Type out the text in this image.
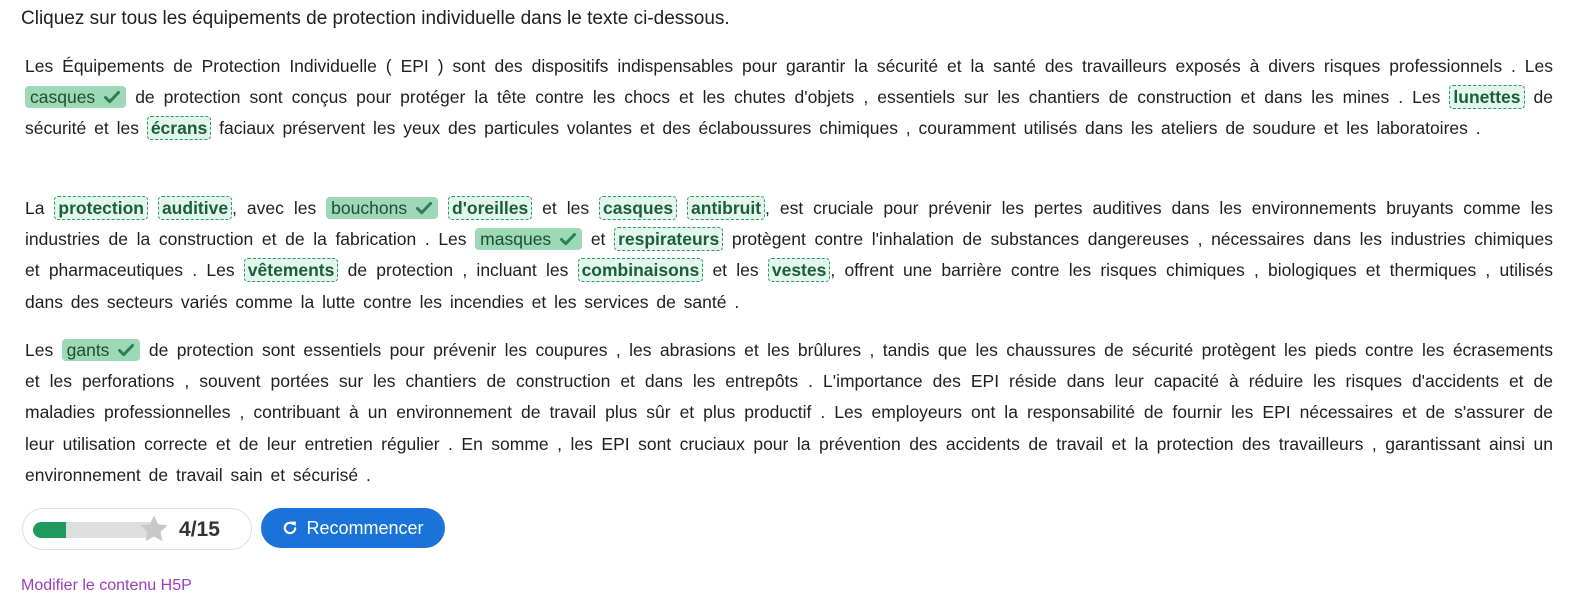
Cliquez sur tous les équipements de protection individuelle dans le texte ci-dessous.
Les Équipements de Protection Individuelle ( EPI ) sont des dispositifs indispensables pour garantir la sécurité et la santé des travailleurs exposés à divers risques professionnels . Les
casques de protection sont conçus pour protéger la tête contre les chocs et les chutes d'objets , essentiels sur les chantiers de construction et dans les mines . Les lunettes de sécurité et les écrans faciaux préservent les yeux des particules volantes et des éclaboussures chimiques , couramment utilisés dans les ateliers de soudure et les laboratoires .
La protection auditive , avec les bouchons	d'oreilles et les casques antibruit , est cruciale pour prévenir les pertes auditives dans les environnements bruyants comme les industries de la construction et de la fabrication . Les masques et respirateurs protègent contre l'inhalation de substances dangereuses , nécessaires dans les industries chimiques et pharmaceutiques . Les vêtements de protection , incluant les combinaisons et les vestes , offrent une barrière contre les risques chimiques , biologiques et thermiques , utilisés dans des secteurs variés comme la lutte contre les incendies et les services de santé .
Les gants de protection sont essentiels pour prévenir les coupures , les abrasions et les brûlures , tandis que les chaussures de sécurité protègent les pieds contre les écrasements et les perforations , souvent portées sur les chantiers de construction et dans les entrepôts . L'importance des EPI réside dans leur capacité à réduire les risques d'accidents et de maladies professionnelles , contribuant à un environnement de travail plus sûr et plus productif . Les employeurs ont la responsabilité de fournir les EPI nécessaires et de s'assurer de leur utilisation correcte et de leur entretien régulier . En somme , les EPI sont cruciaux pour la prévention des accidents de travail et la protection des travailleurs , garantissant ainsi un environnement de travail sain et sécurisé .
4/15	Recommencer
Modifier le contenu H5P
